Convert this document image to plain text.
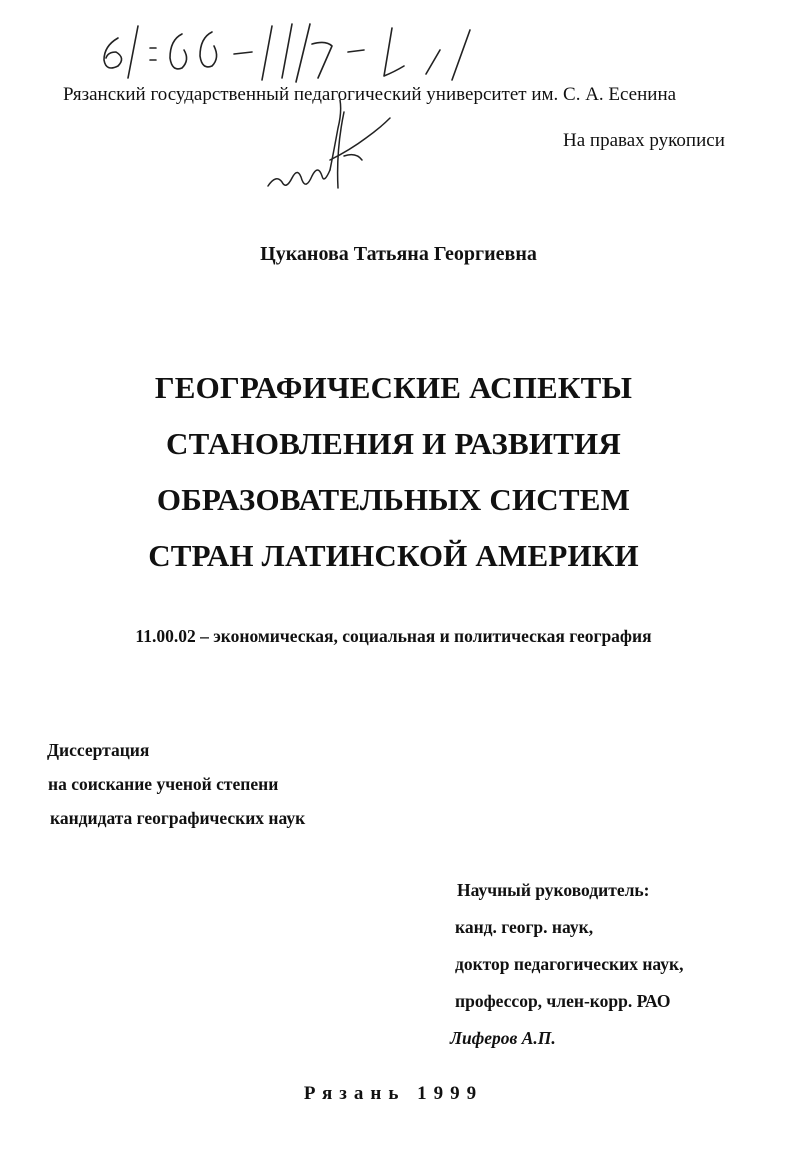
Рязанский государственный педагогический университет им. С. А. Есенина
На правах рукописи
Цуканова Татьяна Георгиевна
ГЕОГРАФИЧЕСКИЕ АСПЕКТЫ
СТАНОВЛЕНИЯ И РАЗВИТИЯ
ОБРАЗОВАТЕЛЬНЫХ СИСТЕМ
СТРАН ЛАТИНСКОЙ АМЕРИКИ
11.00.02 – экономическая, социальная и политическая география
Диссертация
на соискание ученой степени
кандидата географических наук
Научный руководитель:
канд. геогр. наук,
доктор педагогических наук,
профессор, член-корр. РАО
Лиферов А.П.
Рязань 1999
